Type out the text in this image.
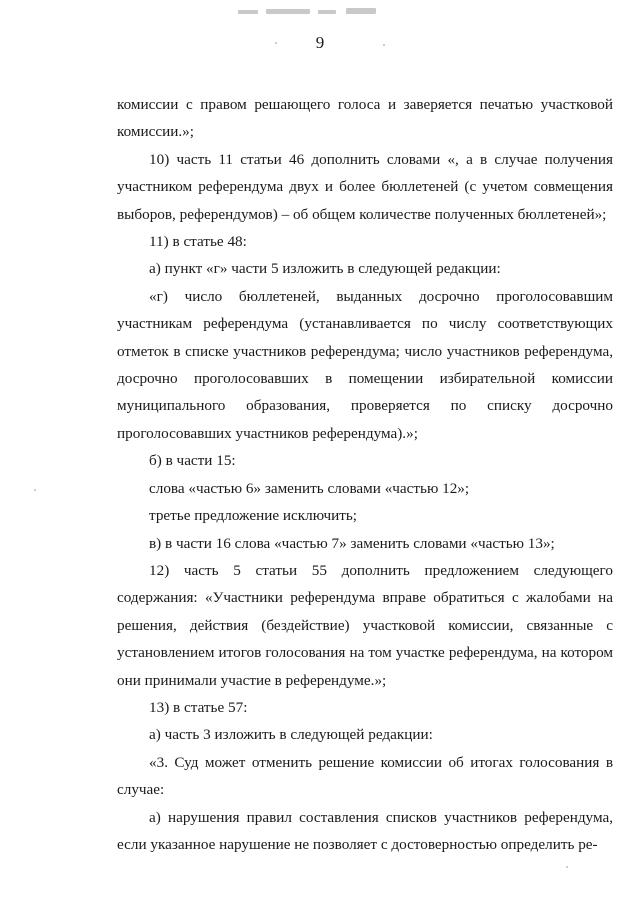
9

комиссии с правом решающего голоса и заверяется печатью участковой комиссии.»;

10) часть 11 статьи 46 дополнить словами «, а в случае получения участником референдума двух и более бюллетеней (с учетом совмещения выборов, референдумов) – об общем количестве полученных бюллетеней»;

11) в статье 48:

а) пункт «г» части 5 изложить в следующей редакции:

«г) число бюллетеней, выданных досрочно проголосовавшим участникам референдума (устанавливается по числу соответствующих отметок в списке участников референдума; число участников референдума, досрочно проголосовавших в помещении избирательной комиссии муниципального образования, проверяется по списку досрочно проголосовавших участников референдума).»;

б) в части 15:

слова «частью 6» заменить словами «частью 12»;

третье предложение исключить;

в) в части 16 слова «частью 7» заменить словами «частью 13»;

12) часть 5 статьи 55 дополнить предложением следующего содержания: «Участники референдума вправе обратиться с жалобами на решения, действия (бездействие) участковой комиссии, связанные с установлением итогов голосования на том участке референдума, на котором они принимали участие в референдуме.»;

13) в статье 57:

а) часть 3 изложить в следующей редакции:

«3. Суд может отменить решение комиссии об итогах голосования в случае:

а) нарушения правил составления списков участников референдума, если указанное нарушение не позволяет с достоверностью определить ре-
